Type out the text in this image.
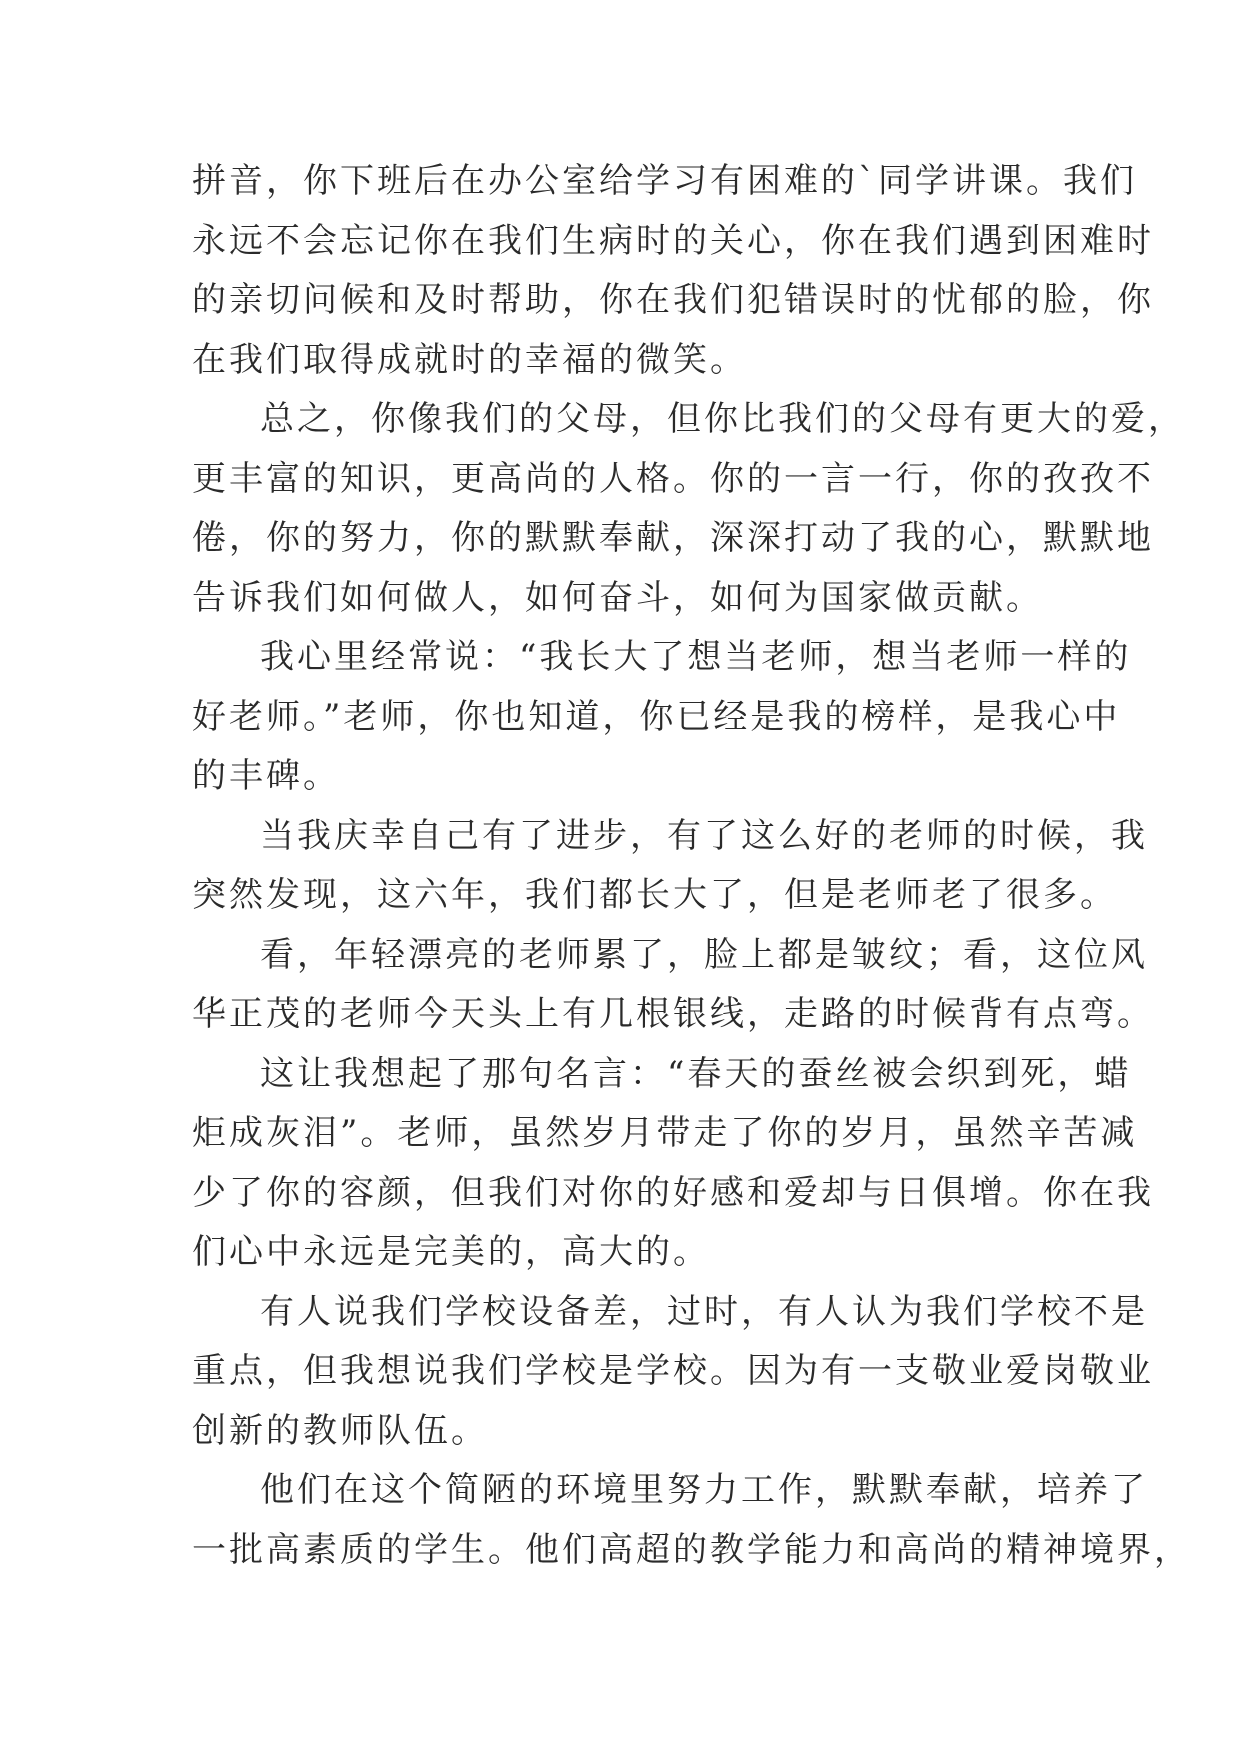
拼音，你下班后在办公室给学习有困难的`同学讲课。我们
永远不会忘记你在我们生病时的关心，你在我们遇到困难时
的亲切问候和及时帮助，你在我们犯错误时的忧郁的脸，你
在我们取得成就时的幸福的微笑。
总之，你像我们的父母，但你比我们的父母有更大的爱，
更丰富的知识，更高尚的人格。你的一言一行，你的孜孜不
倦，你的努力，你的默默奉献，深深打动了我的心，默默地
告诉我们如何做人，如何奋斗，如何为国家做贡献。
我心里经常说：“我长大了想当老师，想当老师一样的
好老师。”老师，你也知道，你已经是我的榜样，是我心中
的丰碑。
当我庆幸自己有了进步，有了这么好的老师的时候，我
突然发现，这六年，我们都长大了，但是老师老了很多。
看，年轻漂亮的老师累了，脸上都是皱纹；看，这位风
华正茂的老师今天头上有几根银线，走路的时候背有点弯。
这让我想起了那句名言：“春天的蚕丝被会织到死，蜡
炬成灰泪”。老师，虽然岁月带走了你的岁月，虽然辛苦减
少了你的容颜，但我们对你的好感和爱却与日俱增。你在我
们心中永远是完美的，高大的。
有人说我们学校设备差，过时，有人认为我们学校不是
重点，但我想说我们学校是学校。因为有一支敬业爱岗敬业
创新的教师队伍。
他们在这个简陋的环境里努力工作，默默奉献，培养了
一批高素质的学生。他们高超的教学能力和高尚的精神境界，
